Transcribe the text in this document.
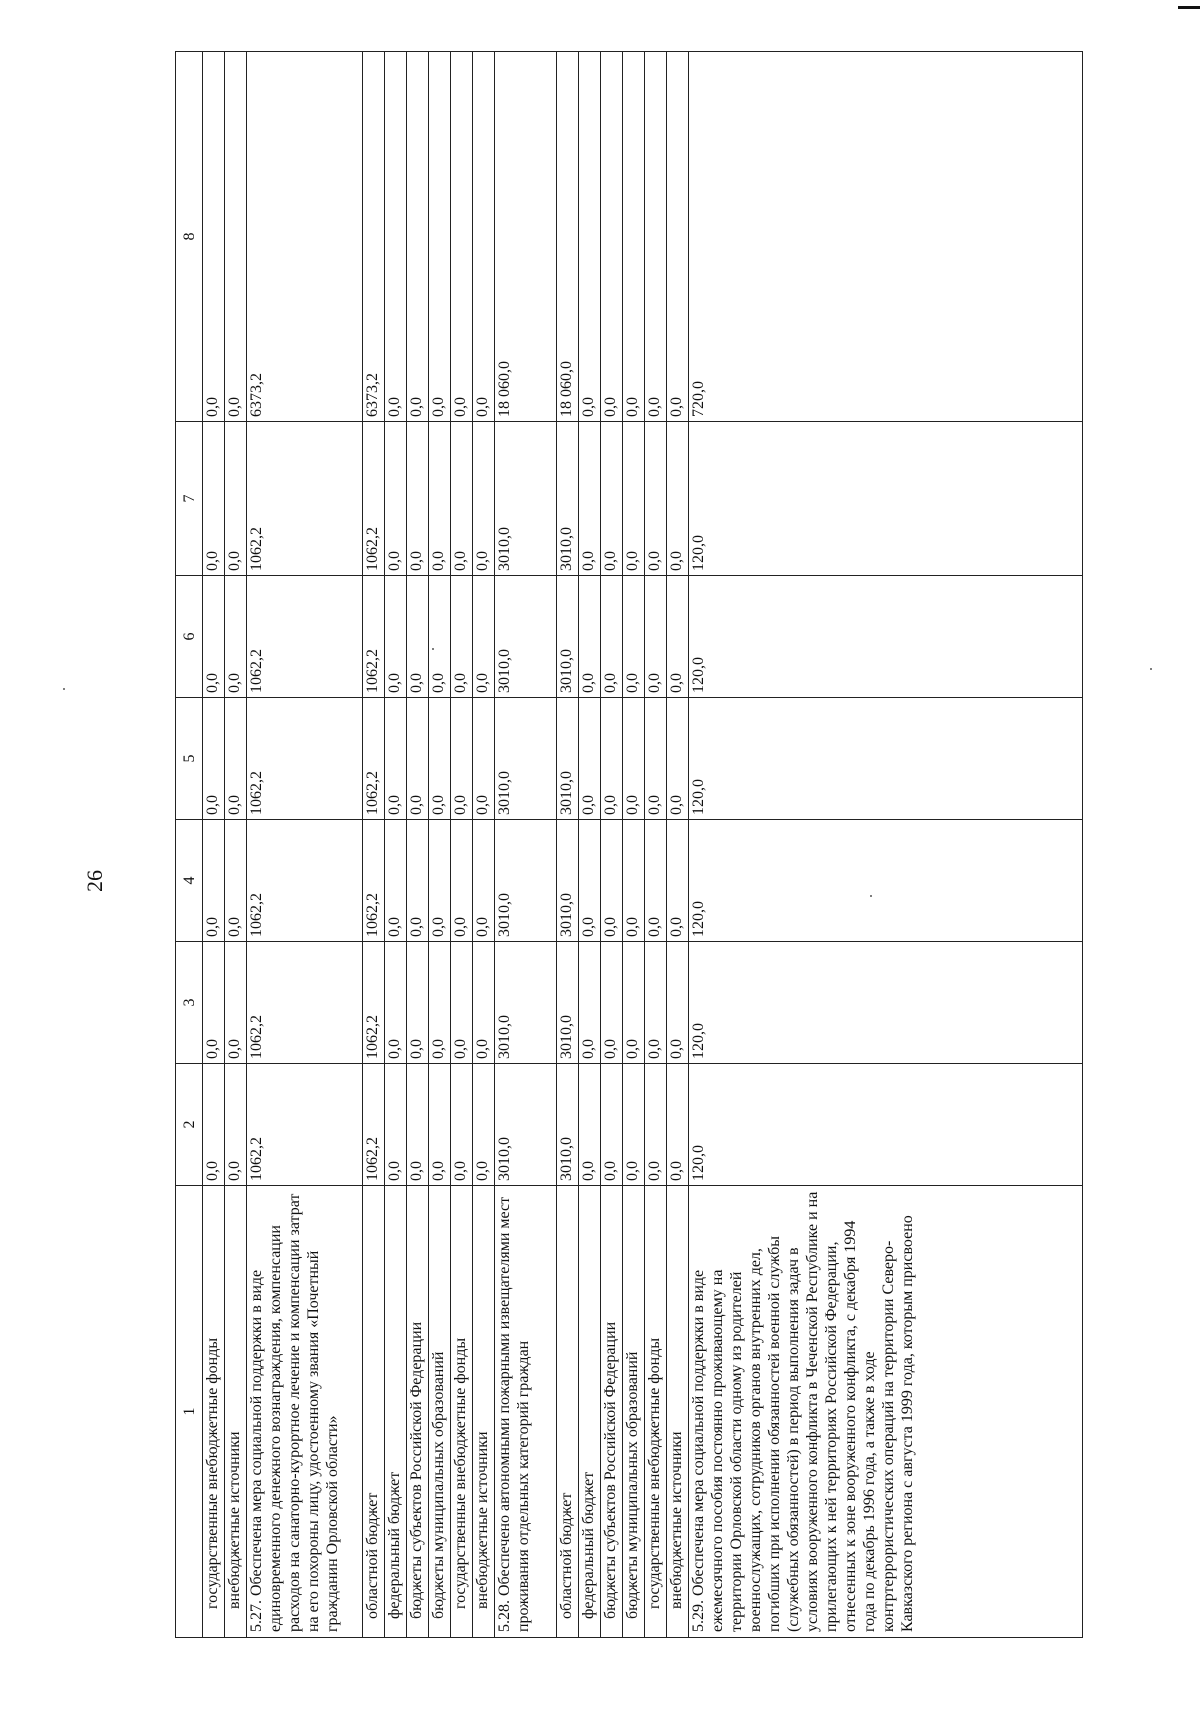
26
1	2	3	4	5	6	7	8
государственные внебюджетные фонды	0,0	0,0	0,0	0,0	0,0	0,0	0,0
внебюджетные источники	0,0	0,0	0,0	0,0	0,0	0,0	0,0
5.27. Обеспечена мера социальной поддержки в виде единовременного денежного вознаграждения, компенсации расходов на санаторно-курортное лечение и компенсации затрат на его похороны лицу, удостоенному звания «Почетный гражданин Орловской области»	1062,2	1062,2	1062,2	1062,2	1062,2	1062,2	6373,2
областной бюджет	1062,2	1062,2	1062,2	1062,2	1062,2	1062,2	6373,2
федеральный бюджет	0,0	0,0	0,0	0,0	0,0	0,0	0,0
бюджеты субъектов Российской Федерации	0,0	0,0	0,0	0,0	0,0	0,0	0,0
бюджеты муниципальных образований	0,0	0,0	0,0	0,0	0,0	0,0	0,0
государственные внебюджетные фонды	0,0	0,0	0,0	0,0	0,0	0,0	0,0
внебюджетные источники	0,0	0,0	0,0	0,0	0,0	0,0	0,0
5.28. Обеспечено автономными пожарными извещателями мест проживания отдельных категорий граждан	3010,0	3010,0	3010,0	3010,0	3010,0	3010,0	18 060,0
областной бюджет	3010,0	3010,0	3010,0	3010,0	3010,0	3010,0	18 060,0
федеральный бюджет	0,0	0,0	0,0	0,0	0,0	0,0	0,0
бюджеты субъектов Российской Федерации	0,0	0,0	0,0	0,0	0,0	0,0	0,0
бюджеты муниципальных образований	0,0	0,0	0,0	0,0	0,0	0,0	0,0
государственные внебюджетные фонды	0,0	0,0	0,0	0,0	0,0	0,0	0,0
внебюджетные источники	0,0	0,0	0,0	0,0	0,0	0,0	0,0
5.29. Обеспечена мера социальной поддержки в виде ежемесячного пособия постоянно проживающему на территории Орловской области одному из родителей военнослужащих, сотрудников органов внутренних дел, погибших при исполнении обязанностей военной службы (служебных обязанностей) в период выполнения задач в условиях вооруженного конфликта в Чеченской Республике и на прилегающих к ней территориях Российской Федерации, отнесенных к зоне вооруженного конфликта, с декабря 1994 года по декабрь 1996 года, а также в ходе контртеррористических операций на территории Северо-Кавказского региона с августа 1999 года, которым присвоено	120,0	120,0	120,0	120,0	120,0	120,0	720,0
